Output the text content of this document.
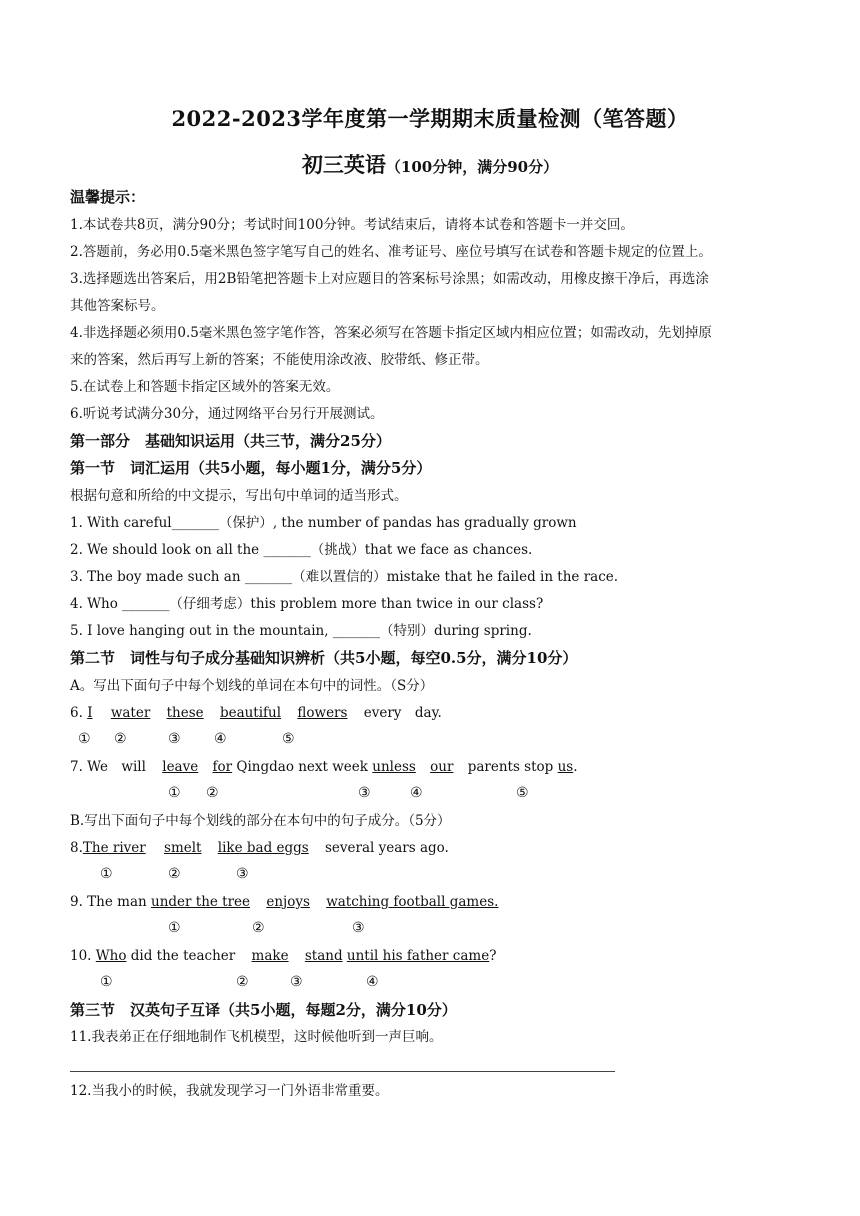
2022-2023学年度第一学期期末质量检测（笔答题）
初三英语（100分钟，满分90分）
温馨提示：
1.本试卷共8页，满分90分；考试时间100分钟。考试结束后，请将本试卷和答题卡一并交回。
2.答题前，务必用0.5毫米黑色签字笔写自己的姓名、准考证号、座位号填写在试卷和答题卡规定的位置上。
3.选择题选出答案后，用2B铅笔把答题卡上对应题目的答案标号涂黑；如需改动，用橡皮擦干净后，再选涂
其他答案标号。
4.非选择题必须用0.5毫米黑色签字笔作答，答案必须写在答题卡指定区域内相应位置；如需改动，先划掉原
来的答案，然后再写上新的答案；不能使用涂改液、胶带纸、修正带。
5.在试卷上和答题卡指定区域外的答案无效。
6.听说考试满分30分，通过网络平台另行开展测试。
第一部分　基础知识运用（共三节，满分25分）
第一节　词汇运用（共5小题，每小题1分，满分5分）
根据句意和所给的中文提示，写出句中单词的适当形式。
1. With careful_______（保护）, the number of pandas has gradually grown
2. We should look on all the _______（挑战）that we face as chances.
3. The boy made such an _______（难以置信的）mistake that he failed in the race.
4. Who _______（仔细考虑）this problem more than twice in our class?
5. I love hanging out in the mountain, _______（特别）during spring.
第二节　词性与句子成分基础知识辨析（共5小题，每空0.5分，满分10分）
A。写出下面句子中每个划线的单词在本句中的词性。（S分）
6. I water these beautiful flowers every　day.
① ②	③ ④	⑤
7. We　will leave for Qingdao next week unless our parents stop us.
① ②	③	④	⑤
B.写出下面句子中每个划线的部分在本句中的句子成分。（5分）
8.The river smelt like bad eggs several years ago.
①	②	③
9. The man under the tree enjoys watching football games.
①	②	③
10. Who did the teacher make stand until his father came?
①	②	③	④
第三节　汉英句子互译（共5小题，每题2分，满分10分）
11.我表弟正在仔细地制作飞机模型，这时候他听到一声巨响。
12.当我小的时候，我就发现学习一门外语非常重要。
